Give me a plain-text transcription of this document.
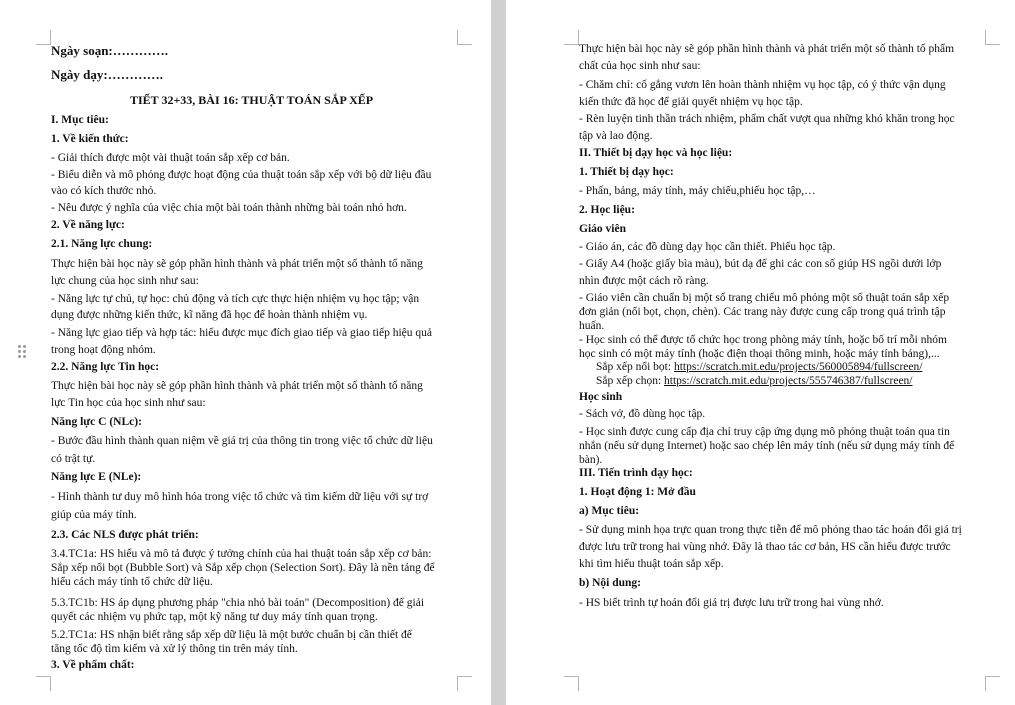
Ngày soạn:………….

Ngày dạy:………….

TIẾT 32+33, BÀI 16: THUẬT TOÁN SẮP XẾP

I. Mục tiêu:

1. Về kiến thức:

- Giải thích được một vài thuật toán sắp xếp cơ bản.

- Biểu diễn và mô phỏng được hoạt động của thuật toán sắp xếp với bộ dữ liệu đầu

vào có kích thước nhỏ.

- Nêu được ý nghĩa của việc chia một bài toán thành những bài toán nhỏ hơn.

2. Về năng lực:

2.1. Năng lực chung:

Thực hiện bài học này sẽ góp phần hình thành và phát triển một số thành tố năng

lực chung của học sinh như sau:

- Năng lực tự chủ, tự học: chủ động và tích cực thực hiện nhiệm vụ học tập; vận

dụng được những kiến thức, kĩ năng đã học để hoàn thành nhiệm vụ.

- Năng lực giao tiếp và hợp tác: hiểu được mục đích giao tiếp và giao tiếp hiệu quả

trong hoạt động nhóm.

2.2. Năng lực Tin học:

Thực hiện bài học này sẽ góp phần hình thành và phát triển một số thành tố năng

lực Tin học của học sinh như sau:

Năng lực C (NLc):

- Bước đầu hình thành quan niệm về giá trị của thông tin trong việc tổ chức dữ liệu

có trật tự.

Năng lực E (NLe):

- Hình thành tư duy mô hình hóa trong việc tổ chức và tìm kiếm dữ liệu với sự trợ

giúp của máy tính.

2.3. Các NLS được phát triển:

3.4.TC1a: HS hiểu và mô tả được ý tưởng chính của hai thuật toán sắp xếp cơ bản:

Sắp xếp nổi bọt (Bubble Sort) và Sắp xếp chọn (Selection Sort). Đây là nền tảng để

hiểu cách máy tính tổ chức dữ liệu.

5.3.TC1b: HS áp dụng phương pháp "chia nhỏ bài toán" (Decomposition) để giải

quyết các nhiệm vụ phức tạp, một kỹ năng tư duy máy tính quan trọng.

5.2.TC1a: HS nhận biết rằng sắp xếp dữ liệu là một bước chuẩn bị cần thiết để

tăng tốc độ tìm kiếm và xử lý thông tin trên máy tính.

3. Về phẩm chất:

Thực hiện bài học này sẽ góp phần hình thành và phát triển một số thành tố phẩm

chất của học sinh như sau:

- Chăm chỉ: cố gắng vươn lên hoàn thành nhiệm vụ học tập, có ý thức vận dụng

kiến thức đã học để giải quyết nhiệm vụ học tập.

- Rèn luyện tinh thần trách nhiệm, phẩm chất vượt qua những khó khăn trong học

tập và lao động.

II. Thiết bị dạy học và học liệu:

1. Thiết bị dạy học:

- Phấn, bảng, máy tính, máy chiếu,phiếu học tập,…

2. Học liệu:

Giáo viên

- Giáo án, các đồ dùng dạy học cần thiết. Phiếu học tập.

- Giấy A4 (hoặc giấy bìa màu), bút dạ để ghi các con số giúp HS ngồi dưới lớp

nhìn được một cách rõ ràng.

- Giáo viên cần chuẩn bị một số trang chiếu mô phỏng một số thuật toán sắp xếp

đơn giản (nổi bọt, chọn, chèn). Các trang này được cung cấp trong quá trình tập

huấn.

- Học sinh có thể được tổ chức học trong phòng máy tính, hoặc bố trí mỗi nhóm

học sinh có một máy tính (hoặc điện thoại thông minh, hoặc máy tính bảng),...

Sắp xếp nổi bọt: https://scratch.mit.edu/projects/560005894/fullscreen/

Sắp xếp chọn: https://scratch.mit.edu/projects/555746387/fullscreen/

Học sinh

- Sách vở, đồ dùng học tập.

- Học sinh được cung cấp địa chỉ truy cập ứng dụng mô phỏng thuật toán qua tin

nhắn (nếu sử dụng Internet) hoặc sao chép lên máy tính (nếu sử dụng máy tính để

bàn).

III. Tiến trình dạy học:

1. Hoạt động 1: Mở đầu

a) Mục tiêu:

- Sử dụng minh họa trực quan trong thực tiễn để mô phỏng thao tác hoán đổi giá trị

được lưu trữ trong hai vùng nhớ. Đây là thao tác cơ bản, HS cần hiểu được trước

khi tìm hiểu thuật toán sắp xếp.

b) Nội dung:

- HS biết trình tự hoán đổi giá trị được lưu trữ trong hai vùng nhớ.
